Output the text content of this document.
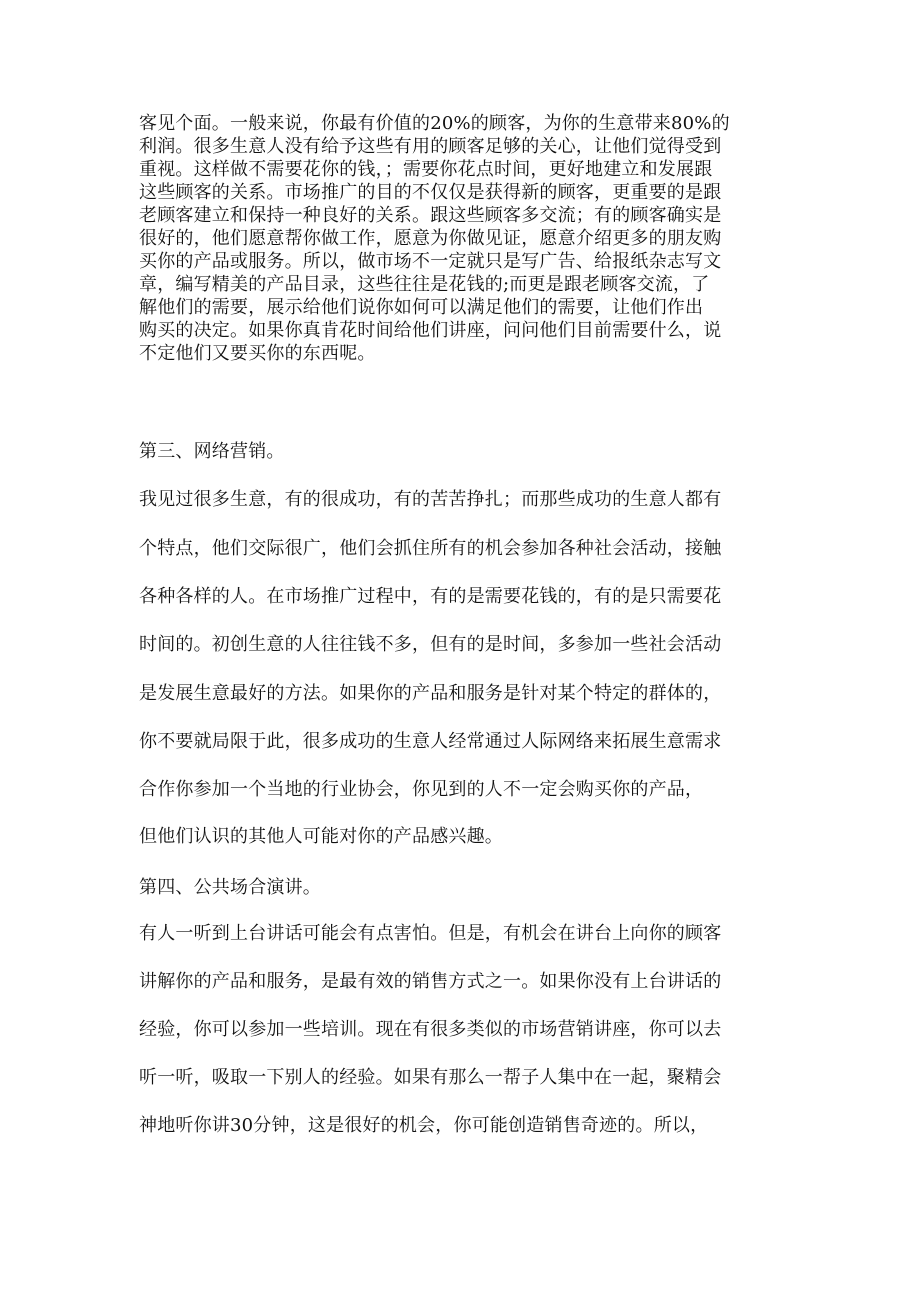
客见个面。一般来说，你最有价值的20%的顾客，为你的生意带来80%的
利润。很多生意人没有给予这些有用的顾客足够的关心，让他们觉得受到
重视。这样做不需要花你的钱，；需要你花点时间，更好地建立和发展跟
这些顾客的关系。市场推广的目的不仅仅是获得新的顾客，更重要的是跟
老顾客建立和保持一种良好的关系。跟这些顾客多交流；有的顾客确实是
很好的，他们愿意帮你做工作，愿意为你做见证，愿意介绍更多的朋友购
买你的产品或服务。所以，做市场不一定就只是写广告、给报纸杂志写文
章，编写精美的产品目录，这些往往是花钱的;而更是跟老顾客交流，了
解他们的需要，展示给他们说你如何可以满足他们的需要，让他们作出
购买的决定。如果你真肯花时间给他们讲座，问问他们目前需要什么，说
不定他们又要买你的东西呢。
第三、网络营销。
我见过很多生意，有的很成功，有的苦苦挣扎；而那些成功的生意人都有
个特点，他们交际很广，他们会抓住所有的机会参加各种社会活动，接触
各种各样的人。在市场推广过程中，有的是需要花钱的，有的是只需要花
时间的。初创生意的人往往钱不多，但有的是时间，多参加一些社会活动
是发展生意最好的方法。如果你的产品和服务是针对某个特定的群体的，
你不要就局限于此，很多成功的生意人经常通过人际网络来拓展生意需求
合作你参加一个当地的行业协会，你见到的人不一定会购买你的产品，
但他们认识的其他人可能对你的产品感兴趣。
第四、公共场合演讲。
有人一听到上台讲话可能会有点害怕。但是，有机会在讲台上向你的顾客
讲解你的产品和服务，是最有效的销售方式之一。如果你没有上台讲话的
经验，你可以参加一些培训。现在有很多类似的市场营销讲座，你可以去
听一听，吸取一下别人的经验。如果有那么一帮子人集中在一起，聚精会
神地听你讲30分钟，这是很好的机会，你可能创造销售奇迹的。所以，
